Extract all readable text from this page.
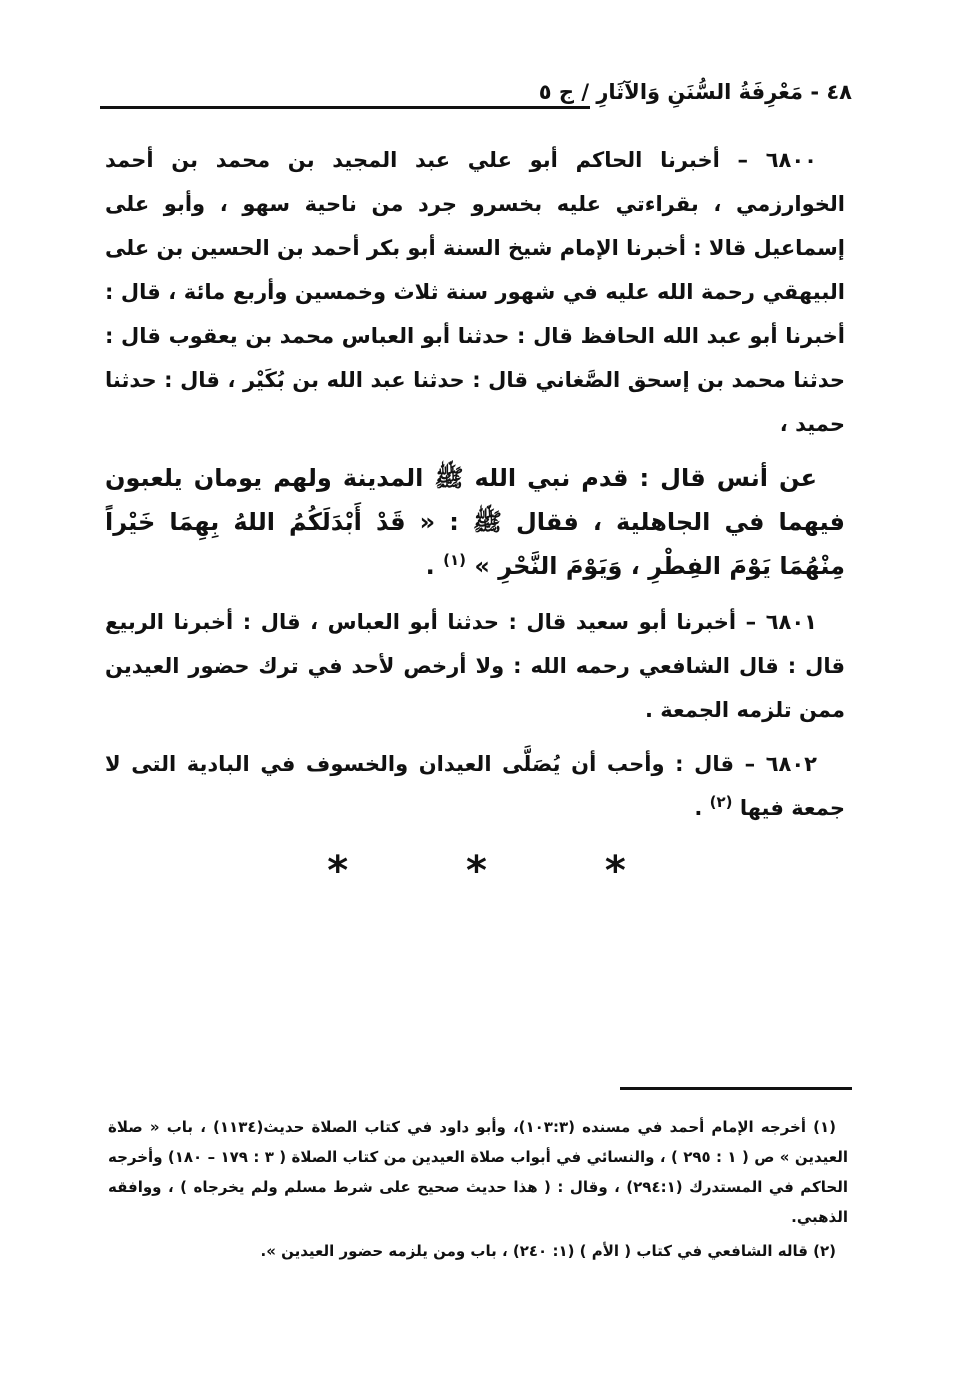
٤٨ - مَعْرِفَةُ السُّنَنِ وَالآثَارِ / ج ٥

٦٨٠٠ – أخبرنا الحاكم أبو علي عبد المجيد بن محمد بن أحمد الخوارزمي ، بقراءتي عليه بخسرو جرد من ناحية سهو ، وأبو على إسماعيل قالا : أخبرنا الإمام شيخ السنة أبو بكر أحمد بن الحسين بن على البيهقي رحمة الله عليه في شهور سنة ثلاث وخمسين وأربع مائة ، قال : أخبرنا أبو عبد الله الحافظ قال : حدثنا أبو العباس محمد بن يعقوب قال : حدثنا محمد بن إسحق الصَّغاني قال : حدثنا عبد الله بن بُكَيْر ، قال : حدثنا حميد ،

عن أنس قال : قدم نبي الله ﷺ المدينة ولهم يومان يلعبون فيهما في الجاهلية ، فقال ﷺ : « قَدْ أَبْدَلَكُمُ اللهُ بِهِمَا خَيْراً مِنْهُمَا يَوْمَ الفِطْرِ ، وَيَوْمَ النَّحْرِ » $^{(١)}$ .

٦٨٠١ – أخبرنا أبو سعيد قال : حدثنا أبو العباس ، قال : أخبرنا الربيع قال : قال الشافعي رحمه الله : ولا أرخص لأحد في ترك حضور العيدين ممن تلزمه الجمعة .

٦٨٠٢ – قال : وأحب أن يُصَلَّى العيدان والخسوف في البادية التى لا جمعة فيها $^{(٢)}$ .

* * *

(١) أخرجه الإمام أحمد في مسنده (١٠٣:٣)، وأبو داود في كتاب الصلاة حديث(١١٣٤) ، باب « صلاة العيدين » ص ( ١ : ٢٩٥ ) ، والنسائي في أبواب صلاة العيدين من كتاب الصلاة ( ٣ : ١٧٩ – ١٨٠) وأخرجه الحاكم في المستدرك (٢٩٤:١) ، وقال : ( هذا حديث صحيح على شرط مسلم ولم يخرجاه ) ، ووافقه الذهبي.

(٢) قاله الشافعي في كتاب ( الأم ) (١: ٢٤٠) ، باب ومن يلزمه حضور العيدين ».
